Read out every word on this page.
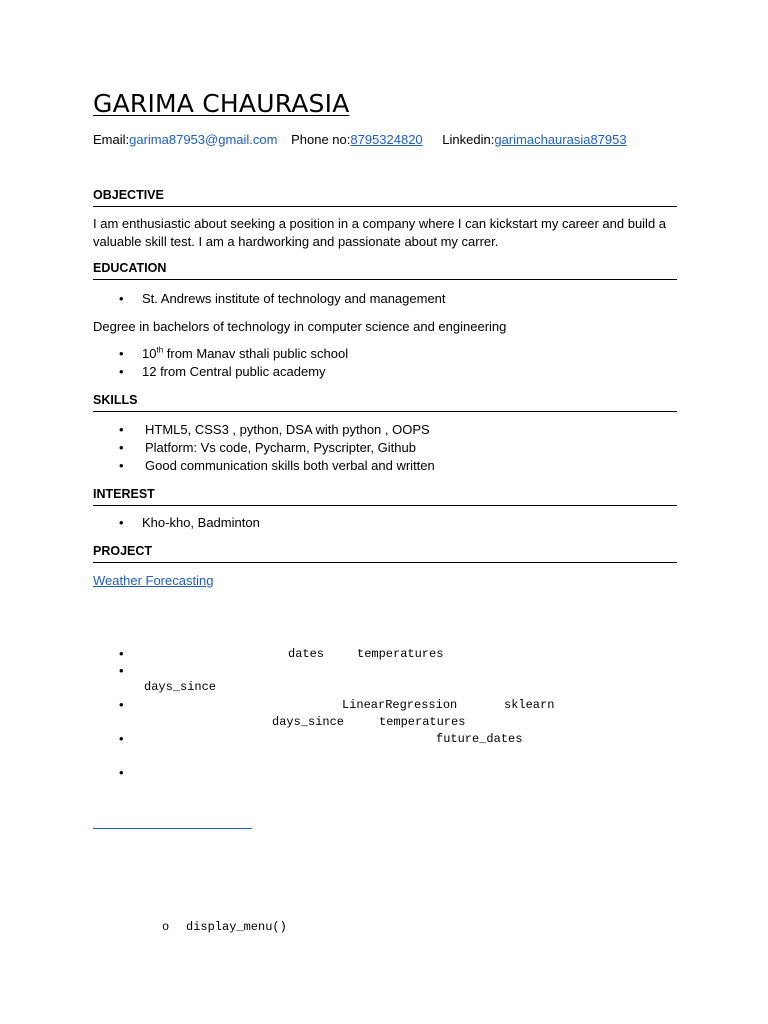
GARIMA CHAURASIA
Email:garima87953@gmail.com Phone no:8795324820 Linkedin:garimachaurasia87953
OBJECTIVE
I am enthusiastic about seeking a position in a company where I can kickstart my career and build a valuable skill test. I am a hardworking and passionate about my carrer.
EDUCATION
• St. Andrews institute of technology and management
Degree in bachelors of technology in computer science and engineering
• 10th from Manav sthali public school
• 12 from Central public academy
SKILLS
• HTML5, CSS3 , python, DSA with python , OOPS
• Platform: Vs code, Pycharm, Pyscripter, Github
• Good communication skills both verbal and written
INTEREST
• Kho-kho, Badminton
PROJECT
Weather Forecasting
•	dates	temperatures
•
days_since
•	LinearRegression	sklearn
days_since	temperatures
•	future_dates
•
o display_menu()
